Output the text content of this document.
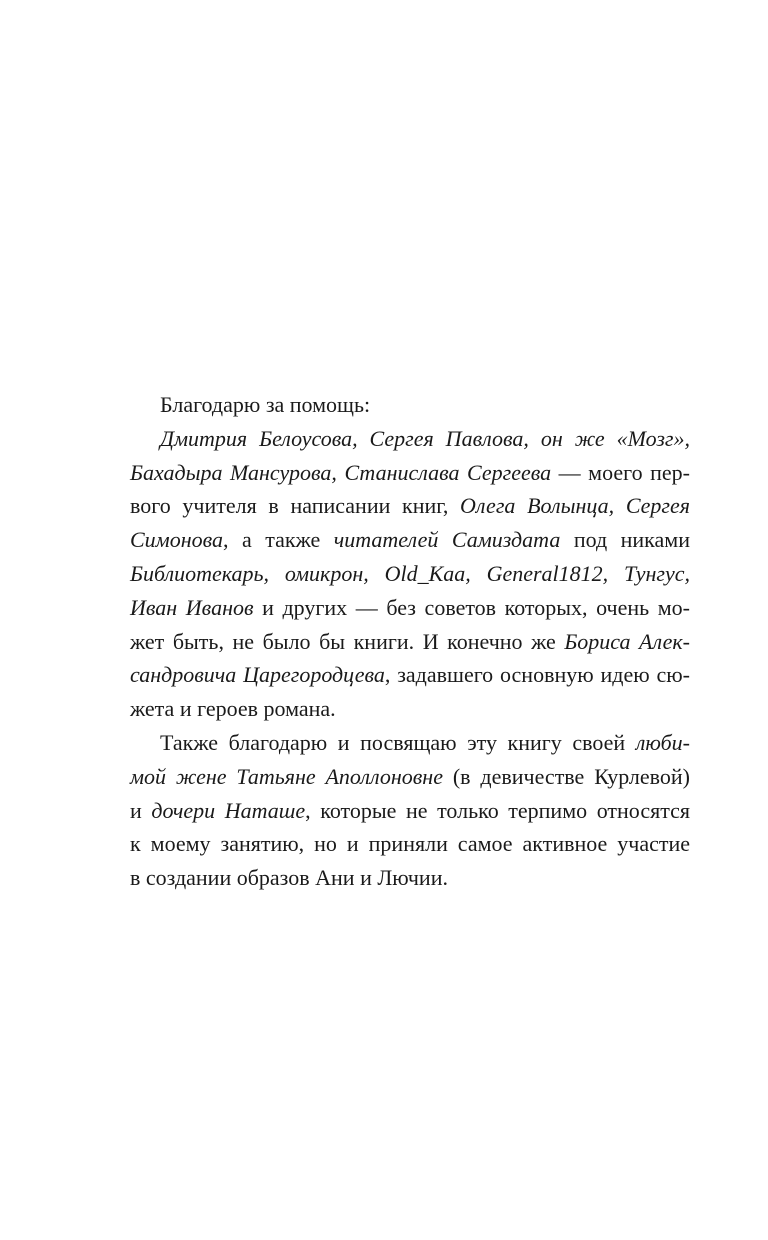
Благодарю за помощь:

Дмитрия Белоусова, Сергея Павлова, он же «Мозг»,
Бахадыра Мансурова, Станислава Сергеева — моего пер-
вого учителя в написании книг, Олега Волынца, Сергея
Симонова, а также читателей Самиздата под никами
Библиотекарь, омикрон, Old_Kaa, General1812, Тунгус,
Иван Иванов и других — без советов которых, очень мо-
жет быть, не было бы книги. И конечно же Бориса Алек-
сандровича Царегородцева, задавшего основную идею сю-
жета и героев романа.
Также благодарю и посвящаю эту книгу своей люби-
мой жене Татьяне Аполлоновне (в девичестве Курлевой)
и дочери Наташе, которые не только терпимо относятся
к моему занятию, но и приняли самое активное участие
в создании образов Ани и Лючии.
